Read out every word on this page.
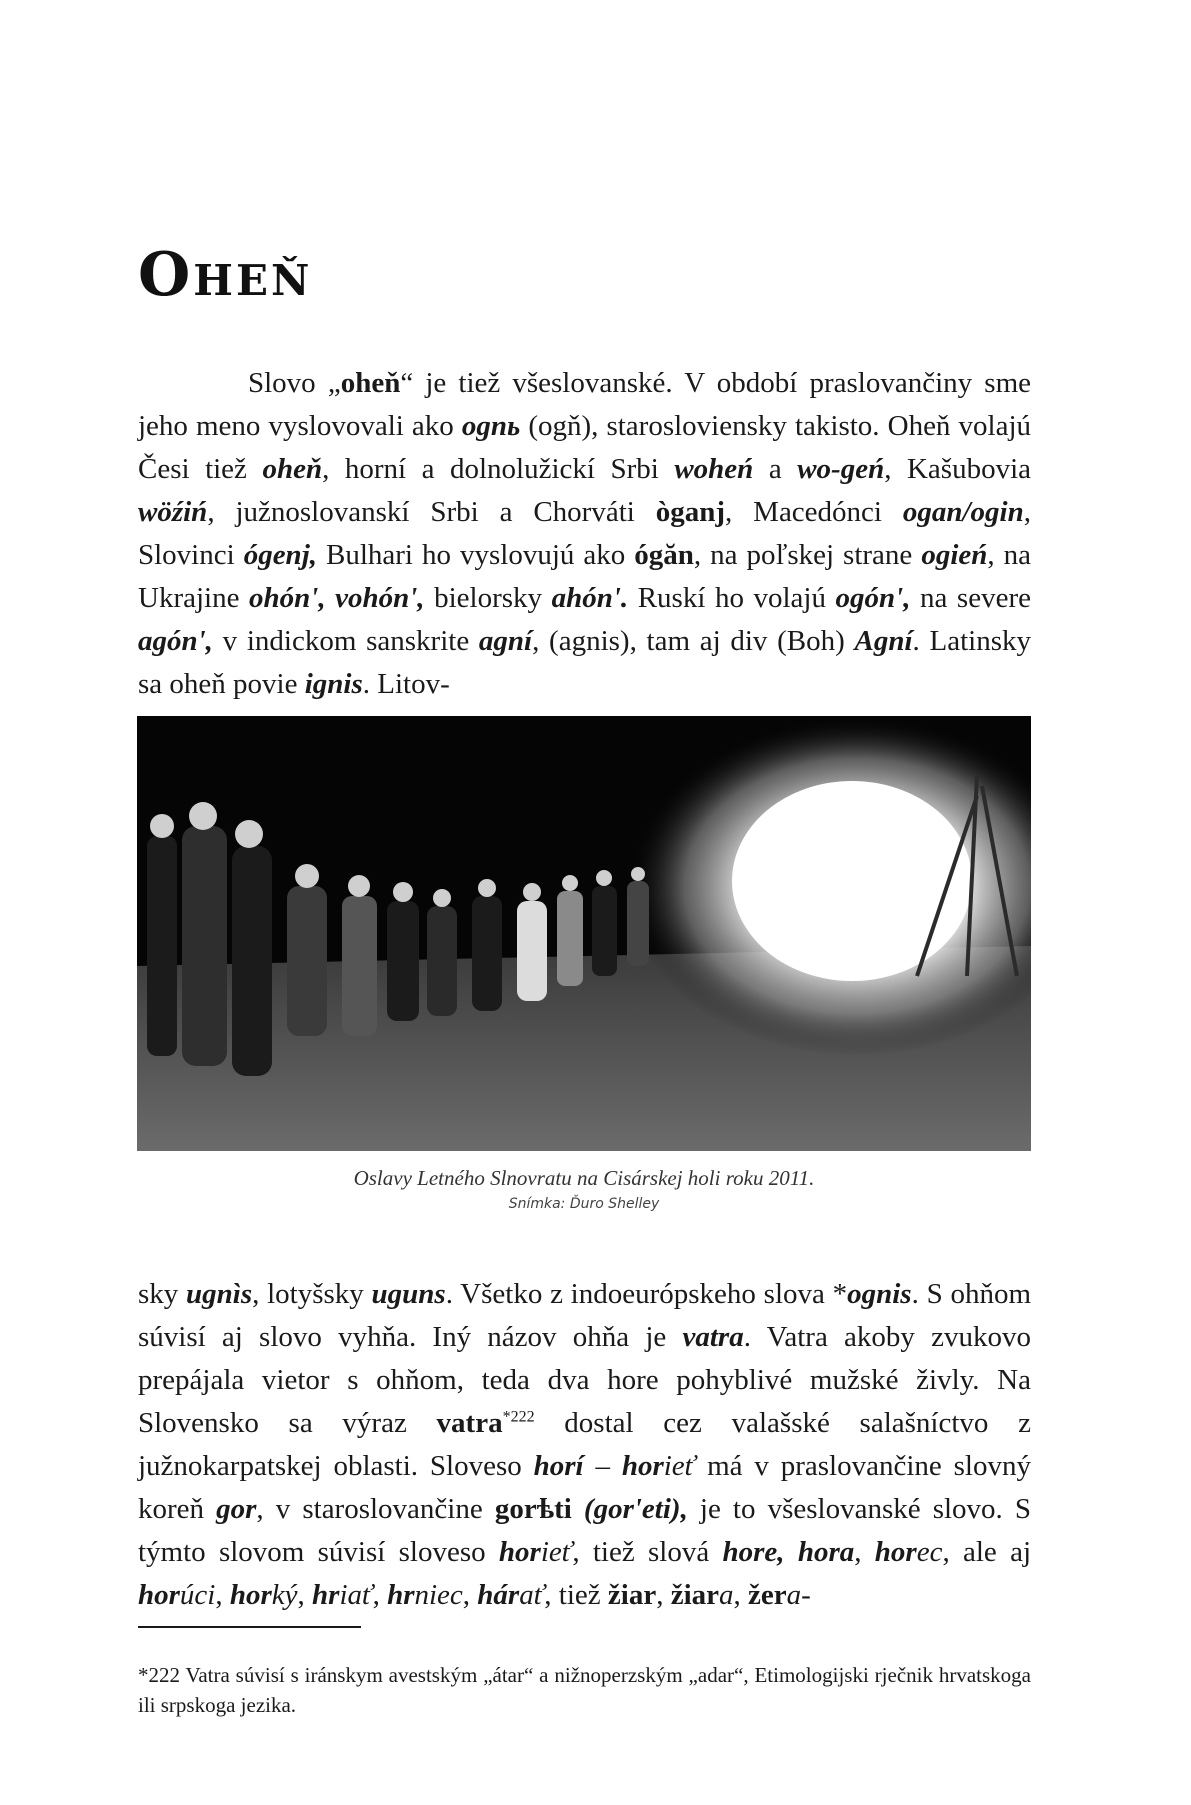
Oheň

Slovo „oheň“ je tiež všeslovanské. V období praslovančiny sme jeho meno vyslovovali ako ognь (ogň), starosloviensky takisto. Oheň volajú Česi tiež oheň, horní a dolnolužickí Srbi woheń a wo-geń, Kašubovia wöźiń, južnoslovanskí Srbi a Chorváti òganj, Macedónci ogan/ogin, Slovinci ógenj, Bulhari ho vyslovujú ako ógăn, na poľskej strane ogień, na Ukrajine ohón', vohón', bielorsky ahón'. Ruskí ho volajú ogón', na severe agón', v indickom sanskrite agní, (agnis), tam aj div (Boh) Agní. Latinsky sa oheň povie ignis. Litov-

Oslavy Letného Slnovratu na Cisárskej holi roku 2011.
Snímka: Ďuro Shelley

sky ugnìs, lotyšsky uguns. Všetko z indoeurópskeho slova *ognis. S ohňom súvisí aj slovo vyhňa. Iný názov ohňa je vatra. Vatra akoby zvukovo prepájala vietor s ohňom, teda dva hore pohyblivé mužské živly. Na Slovensko sa výraz vatra$^{*222}$ dostal cez valašské salašníctvo z južnokarpatskej oblasti. Sloveso horí – horieť má v praslovančine slovný koreň gor, v staroslovančine gorѣti (gor'eti), je to všeslovanské slovo. S týmto slovom súvisí sloveso horieť, tiež slová hore, hora, horec, ale aj horúci, horký, hriať, hrniec, hárať, tiež žiar, žiara, žera-

*222 Vatra súvisí s iránskym avestským „átar“ a nižnoperzským „adar“, Etimologijski rječnik hrvatskoga ili srpskoga jezika.
